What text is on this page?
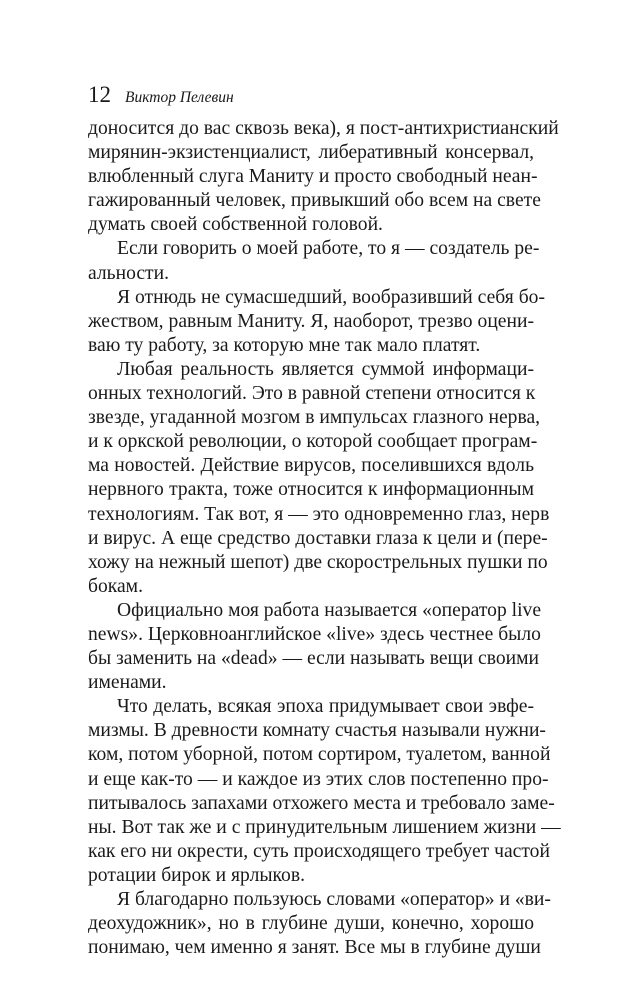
12 Виктор Пелевин
доносится до вас сквозь века), я пост-антихристианский
мирянин-экзистенциалист, либеративный консервал,
влюбленный слуга Маниту и просто свободный неан-
гажированный человек, привыкший обо всем на свете
думать своей собственной головой.
Если говорить о моей работе, то я — создатель ре-
альности.
Я отнюдь не сумасшедший, вообразивший себя бо-
жеством, равным Маниту. Я, наоборот, трезво оцени-
ваю ту работу, за которую мне так мало платят.
Любая реальность является суммой информаци-
онных технологий. Это в равной степени относится к
звезде, угаданной мозгом в импульсах глазного нерва,
и к оркской революции, о которой сообщает програм-
ма новостей. Действие вирусов, поселившихся вдоль
нервного тракта, тоже относится к информационным
технологиям. Так вот, я — это одновременно глаз, нерв
и вирус. А еще средство доставки глаза к цели и (пере-
хожу на нежный шепот) две скорострельных пушки по
бокам.
Официально моя работа называется «оператор live
news». Церковноанглийское «live» здесь честнее было
бы заменить на «dead» — если называть вещи своими
именами.
Что делать, всякая эпоха придумывает свои эвфе-
мизмы. В древности комнату счастья называли нужни-
ком, потом уборной, потом сортиром, туалетом, ванной
и еще как-то — и каждое из этих слов постепенно про-
питывалось запахами отхожего места и требовало заме-
ны. Вот так же и с принудительным лишением жизни —
как его ни окрести, суть происходящего требует частой
ротации бирок и ярлыков.
Я благодарно пользуюсь словами «оператор» и «ви-
деохудожник», но в глубине души, конечно, хорошо
понимаю, чем именно я занят. Все мы в глубине души
